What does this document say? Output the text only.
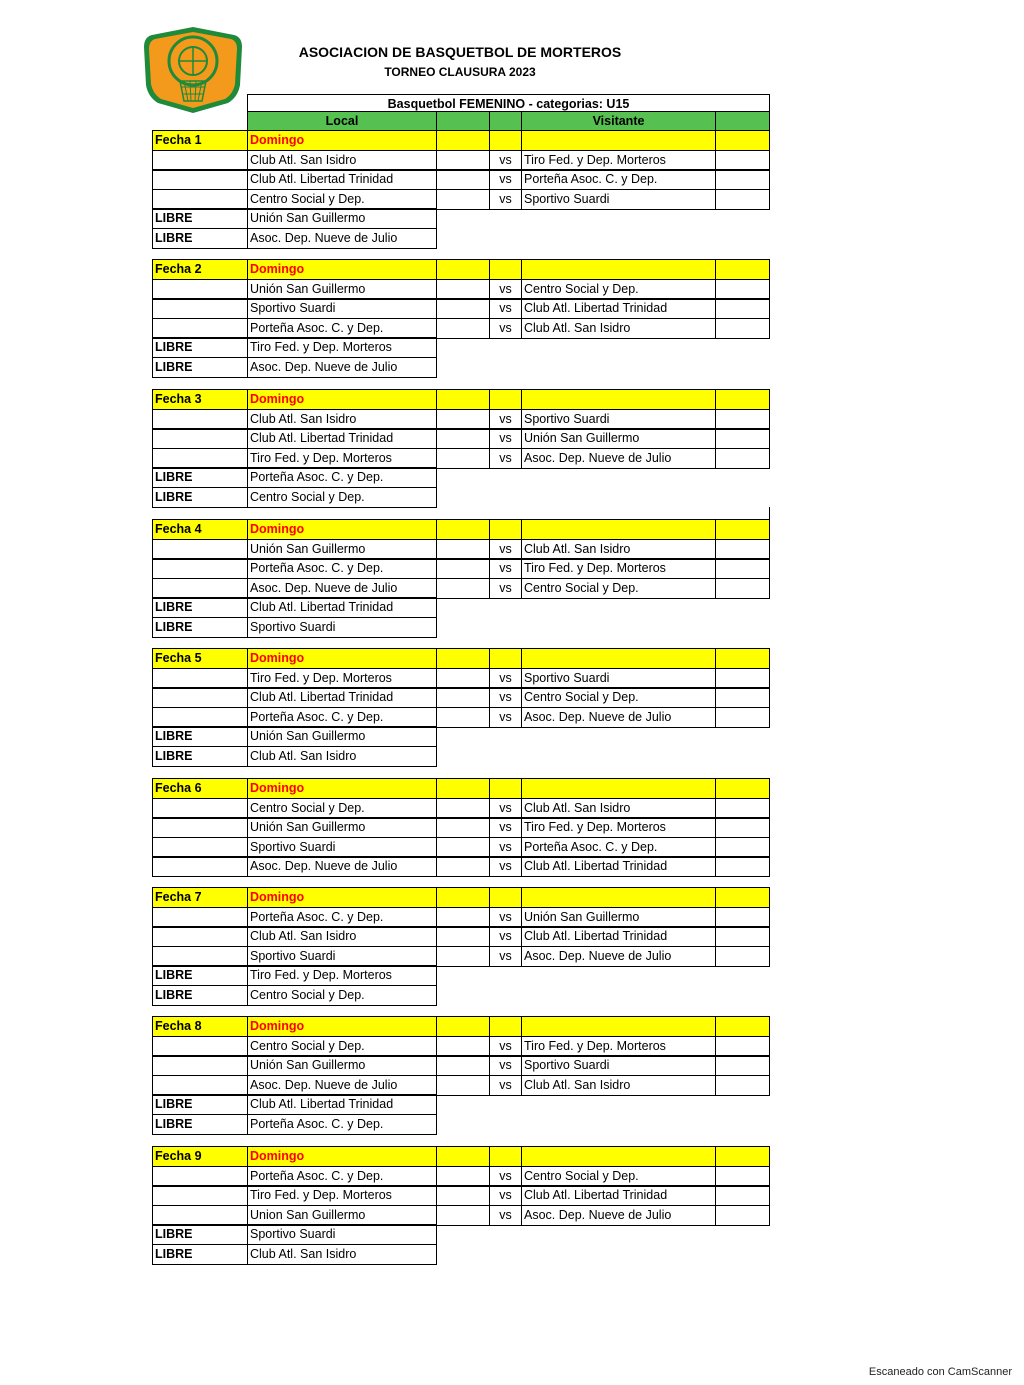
ASOCIACION DE BASQUETBOL DE MORTEROS
TORNEO CLAUSURA 2023
Basquetbol FEMENINO - categorias: U15
Local	Visitante
Fecha 1	Domingo
Club Atl. San Isidro	vs Tiro Fed. y Dep. Morteros
Club Atl. Libertad Trinidad	vs Porteña Asoc. C. y Dep.
Centro Social y Dep.	vs Sportivo Suardi
LIBRE	Unión San Guillermo
LIBRE	Asoc. Dep. Nueve de Julio
Fecha 2	Domingo
Unión San Guillermo	vs Centro Social y Dep.
Sportivo Suardi	vs Club Atl. Libertad Trinidad
Porteña Asoc. C. y Dep.	vs Club Atl. San Isidro
LIBRE	Tiro Fed. y Dep. Morteros
LIBRE	Asoc. Dep. Nueve de Julio
Fecha 3	Domingo
Club Atl. San Isidro	vs Sportivo Suardi
Club Atl. Libertad Trinidad	vs Unión San Guillermo
Tiro Fed. y Dep. Morteros	vs Asoc. Dep. Nueve de Julio
LIBRE	Porteña Asoc. C. y Dep.
LIBRE	Centro Social y Dep.
Fecha 4	Domingo
Unión San Guillermo	vs Club Atl. San Isidro
Porteña Asoc. C. y Dep.	vs Tiro Fed. y Dep. Morteros
Asoc. Dep. Nueve de Julio	vs Centro Social y Dep.
LIBRE	Club Atl. Libertad Trinidad
LIBRE	Sportivo Suardi
Fecha 5	Domingo
Tiro Fed. y Dep. Morteros	vs Sportivo Suardi
Club Atl. Libertad Trinidad	vs Centro Social y Dep.
Porteña Asoc. C. y Dep.	vs Asoc. Dep. Nueve de Julio
LIBRE	Unión San Guillermo
LIBRE	Club Atl. San Isidro
Fecha 6	Domingo
Centro Social y Dep.	vs Club Atl. San Isidro
Unión San Guillermo	vs Tiro Fed. y Dep. Morteros
Sportivo Suardi	vs Porteña Asoc. C. y Dep.
Asoc. Dep. Nueve de Julio	vs Club Atl. Libertad Trinidad
Fecha 7	Domingo
Porteña Asoc. C. y Dep.	vs Unión San Guillermo
Club Atl. San Isidro	vs Club Atl. Libertad Trinidad
Sportivo Suardi	vs Asoc. Dep. Nueve de Julio
LIBRE	Tiro Fed. y Dep. Morteros
LIBRE	Centro Social y Dep.
Fecha 8	Domingo
Centro Social y Dep.	vs Tiro Fed. y Dep. Morteros
Unión San Guillermo	vs Sportivo Suardi
Asoc. Dep. Nueve de Julio	vs Club Atl. San Isidro
LIBRE	Club Atl. Libertad Trinidad
LIBRE	Porteña Asoc. C. y Dep.
Fecha 9	Domingo
Porteña Asoc. C. y Dep.	vs Centro Social y Dep.
Tiro Fed. y Dep. Morteros	vs Club Atl. Libertad Trinidad
Union San Guillermo	vs Asoc. Dep. Nueve de Julio
LIBRE	Sportivo Suardi
LIBRE	Club Atl. San Isidro
Escaneado con CamScanner
